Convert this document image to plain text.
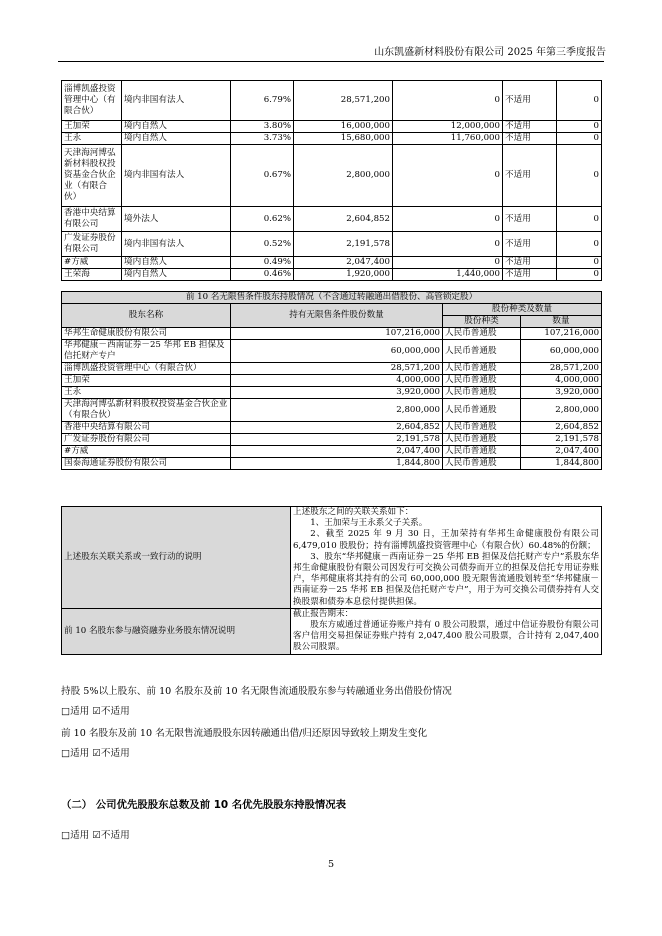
山东凯盛新材料股份有限公司 2025 年第三季度报告
淄博凯盛投资管理中心（有限合伙）	境内非国有法人	6.79%	28,571,200	0	不适用	0
王加荣	境内自然人	3.80%	16,000,000	12,000,000	不适用	0
王永	境内自然人	3.73%	15,680,000	11,760,000	不适用	0
天津海河博弘新材料股权投资基金合伙企业（有限合伙）	境内非国有法人	0.67%	2,800,000	0	不适用	0
香港中央结算有限公司	境外法人	0.62%	2,604,852	0	不适用	0
广发证券股份有限公司	境内非国有法人	0.52%	2,191,578	0	不适用	0
#方威	境内自然人	0.49%	2,047,400	0	不适用	0
王荣海	境内自然人	0.46%	1,920,000	1,440,000	不适用	0
前 10 名无限售条件股东持股情况（不含通过转融通出借股份、高管锁定股）			
股东名称	持有无限售条件股份数量	股份种类及数量	
		股份种类	数量
华邦生命健康股份有限公司	107,216,000	人民币普通股	107,216,000
华邦健康－西南证券－25 华邦 EB 担保及信托财产专户	60,000,000	人民币普通股	60,000,000
淄博凯盛投资管理中心（有限合伙）	28,571,200	人民币普通股	28,571,200
王加荣	4,000,000	人民币普通股	4,000,000
王永	3,920,000	人民币普通股	3,920,000
天津海河博弘新材料股权投资基金合伙企业（有限合伙）	2,800,000	人民币普通股	2,800,000
香港中央结算有限公司	2,604,852	人民币普通股	2,604,852
广发证券股份有限公司	2,191,578	人民币普通股	2,191,578
#方威	2,047,400	人民币普通股	2,047,400
国泰海通证券股份有限公司	1,844,800	人民币普通股	1,844,800
上述股东关联关系或一致行动的说明	上述股东之间的关联关系如下：
1、王加荣与王永系父子关系。
2、截至 2025 年 9 月 30 日，王加荣持有华邦生命健康股份有限公司 6,479,010 股股份；持有淄博凯盛投资管理中心（有限合伙）60.48%的份额；
3、股东“华邦健康－西南证券－25 华邦 EB 担保及信托财产专户”系股东华邦生命健康股份有限公司因发行可交换公司债券而开立的担保及信托专用证券账户，华邦健康将其持有的公司 60,000,000 股无限售流通股划转至“华邦健康－西南证券－25 华邦 EB 担保及信托财产专户”，用于为可交换公司债券持有人交换股票和债券本息偿付提供担保。

前 10 名股东参与融资融券业务股东情况说明	截止报告期末：
股东方威通过普通证券账户持有 0 股公司股票，通过中信证券股份有限公司客户信用交易担保证券账户持有 2,047,400 股公司股票，合计持有 2,047,400 股公司股票。
持股 5%以上股东、前 10 名股东及前 10 名无限售流通股股东参与转融通业务出借股份情况
□适用 ☑不适用
前 10 名股东及前 10 名无限售流通股股东因转融通出借/归还原因导致较上期发生变化
□适用 ☑不适用
（二） 公司优先股股东总数及前 10 名优先股股东持股情况表
□适用 ☑不适用
5
